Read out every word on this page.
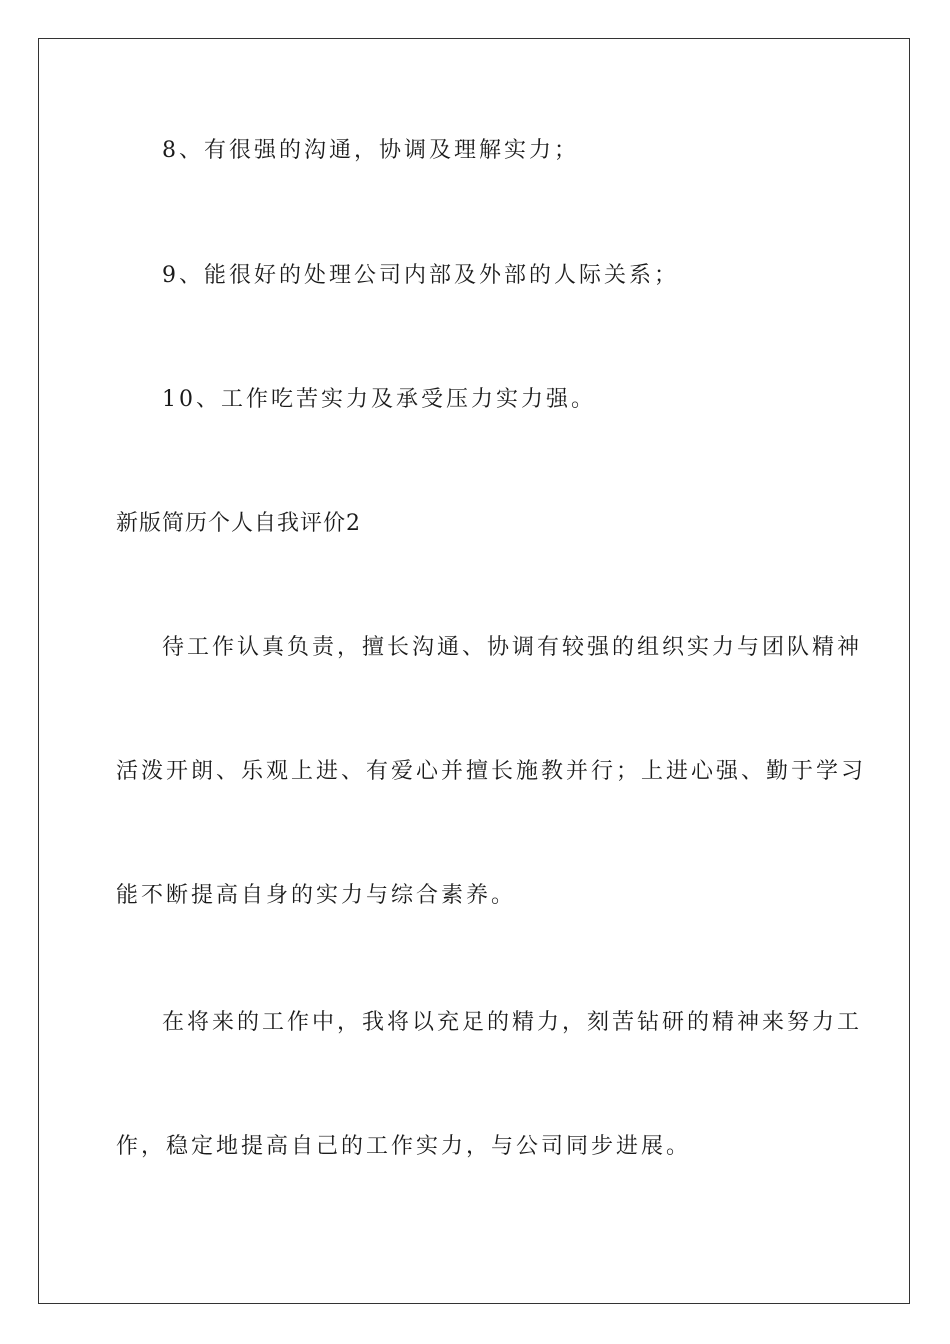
8、有很强的沟通，协调及理解实力；
9、能很好的处理公司内部及外部的人际关系；
10、工作吃苦实力及承受压力实力强。
新版简历个人自我评价2
待工作认真负责，擅长沟通、协调有较强的组织实力与团队精神
活泼开朗、乐观上进、有爱心并擅长施教并行；上进心强、勤于学习
能不断提高自身的实力与综合素养。
在将来的工作中，我将以充足的精力，刻苦钻研的精神来努力工
作，稳定地提高自己的工作实力，与公司同步进展。
